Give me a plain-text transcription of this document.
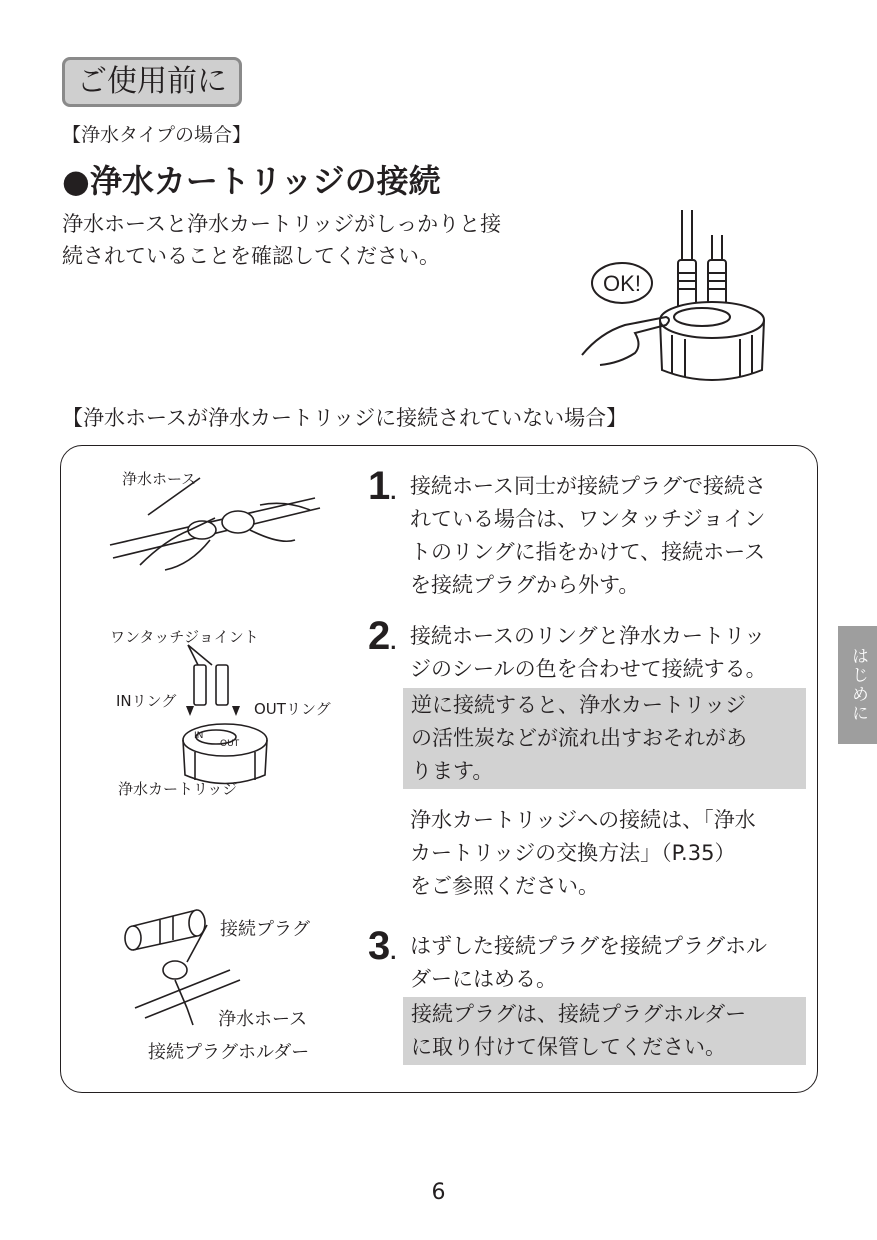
ご使用前に
【浄水タイプの場合】
●浄水カートリッジの接続
浄水ホースと浄水カートリッジがしっかりと接
続されていることを確認してください。
OK!
【浄水ホースが浄水カートリッジに接続されていない場合】
浄水ホース
IN
OUT
ワンタッチジョイント
INリング	OUTリング
浄水カートリッジ
接続プラグ
浄水ホース
接続プラグホルダー
1. 接続ホース同士が接続プラグで接続さ
れている場合は、ワンタッチジョイン
トのリングに指をかけて、接続ホース
を接続プラグから外す。
2. 接続ホースのリングと浄水カートリッ
ジのシールの色を合わせて接続する。
逆に接続すると、浄水カートリッジ
の活性炭などが流れ出すおそれがあ
ります。
浄水カートリッジへの接続は、「浄水
カートリッジの交換方法」（P.35）
をご参照ください。
3. はずした接続プラグを接続プラグホル
ダーにはめる。
接続プラグは、接続プラグホルダー
に取り付けて保管してください。
はじめに
6
